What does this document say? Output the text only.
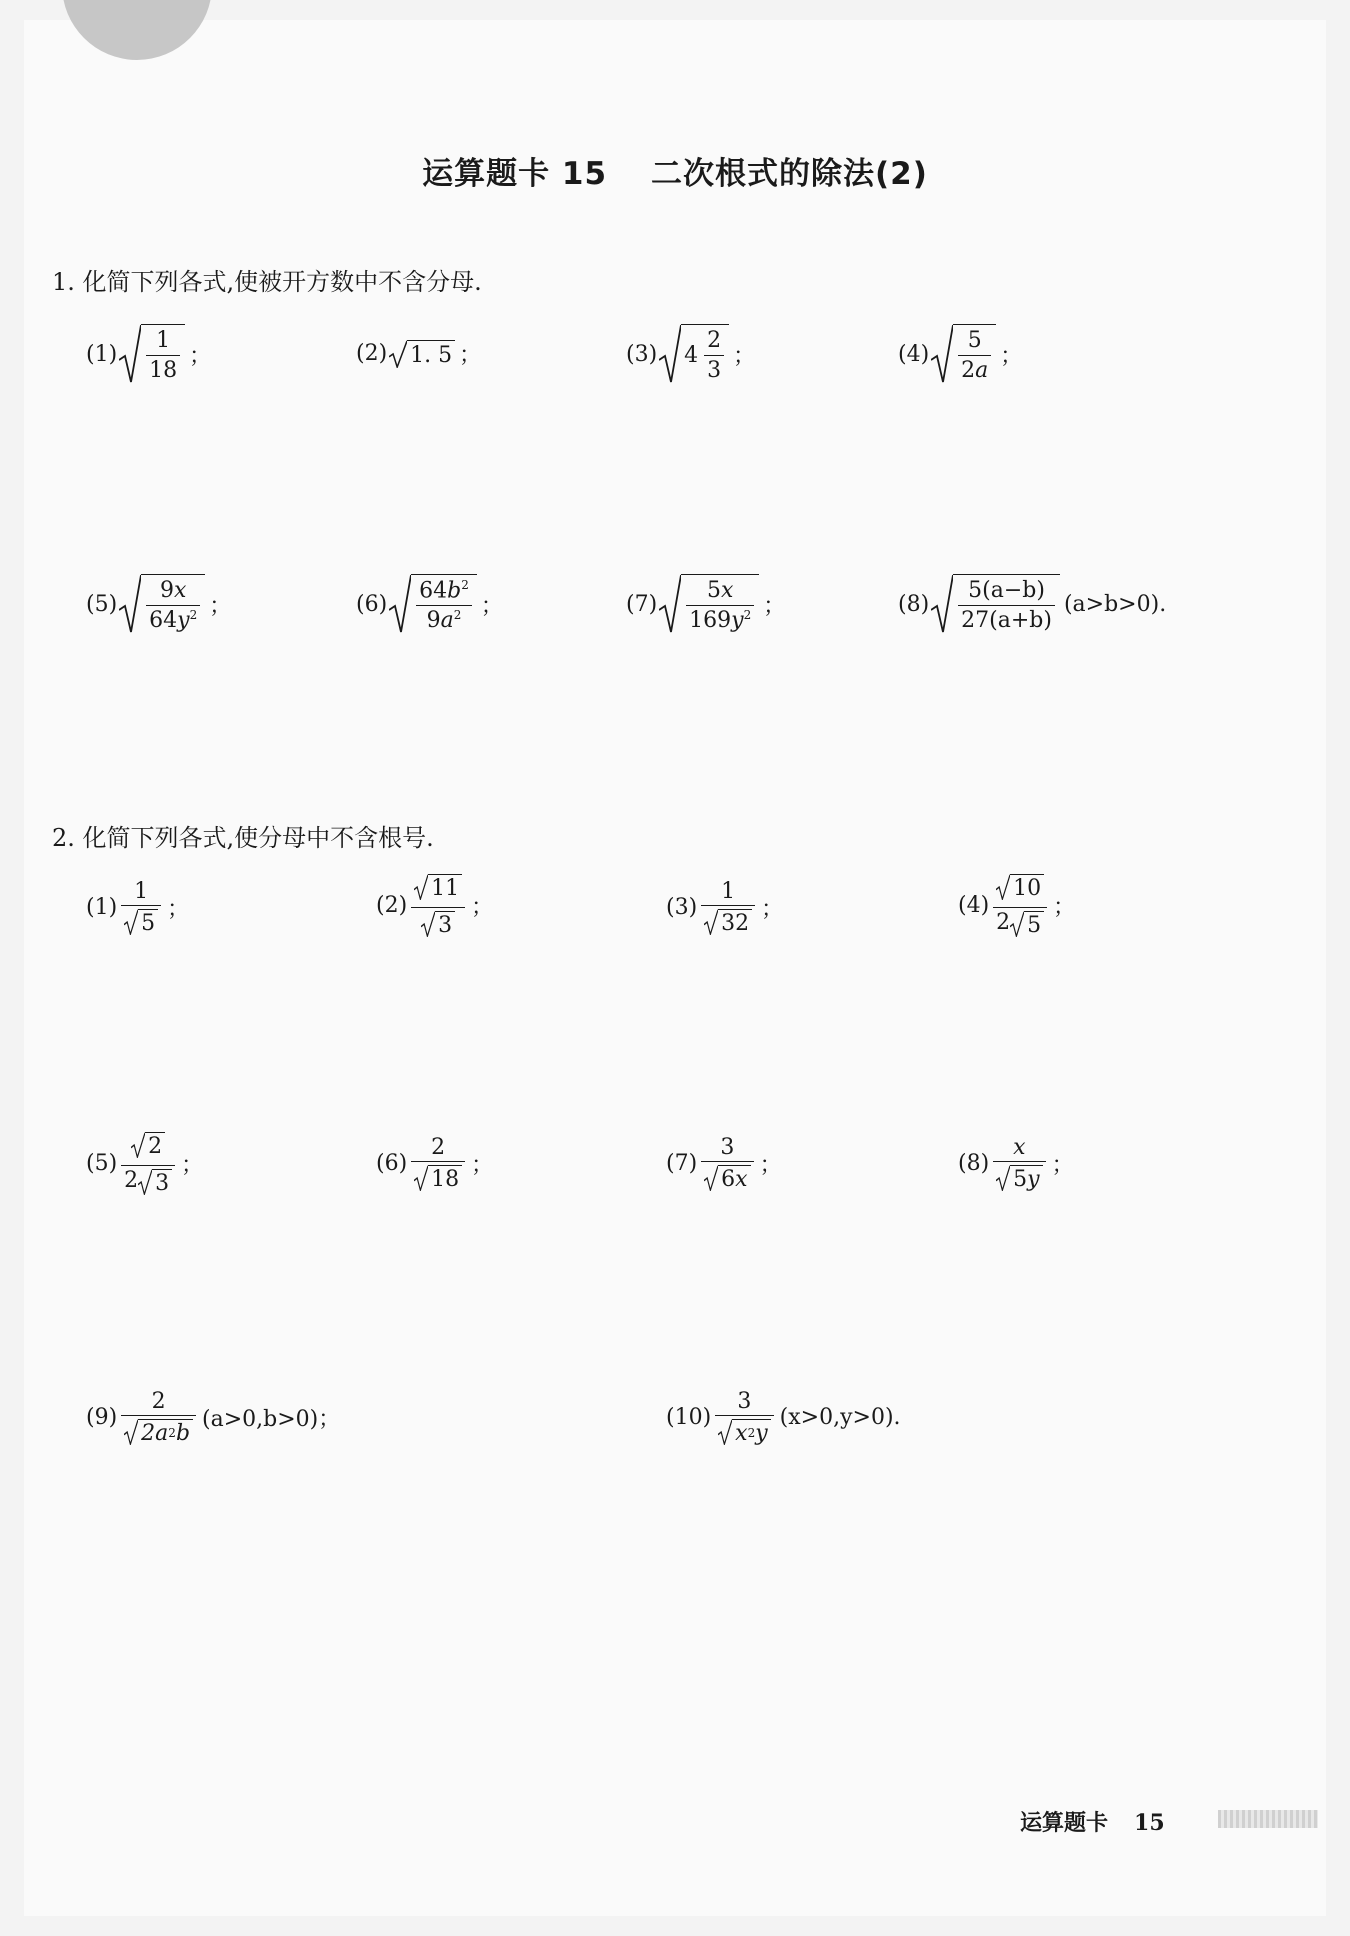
运算题卡 15 二次根式的除法(2)
1. 化简下列各式,使被开方数中不含分母.
$(1) \frac{1}{18}$ ；	(2) 1. 5 ；	(3) $4 \frac{2}{3}$ ；	$(4) \frac{5}{2 a}$ ；
$(5) \frac{9x}{64 y 2}$ ；	$(6) \frac{64b^2}{9 a 2}$ ；	$(7) \frac{5x}{169 y 2}$ ；	$(8) \frac{5(a-b)}{27(a+b)} (a>b>0)$.
2. 化简下列各式,使分母中不含根号.
$(1) \frac{1}{5}$ ；	$(2) \frac{11}{3}$ ；	$(3) \frac{1}{32}$ ；	$(4) \frac{10}{2 5}$ ；
$(5) \frac{2}{2 3}$ ；	$(6) \frac{2}{18}$ ；	$(7) \frac{3}{6 x}$ ；	$(8) \frac{x}{5 y}$ ；
$(9) \frac{2}{2a 2 b} (a>0,b>0)$；	$(10) \frac{3}{x 2 y} (x>0,y>0)$.
运算题卡 15
